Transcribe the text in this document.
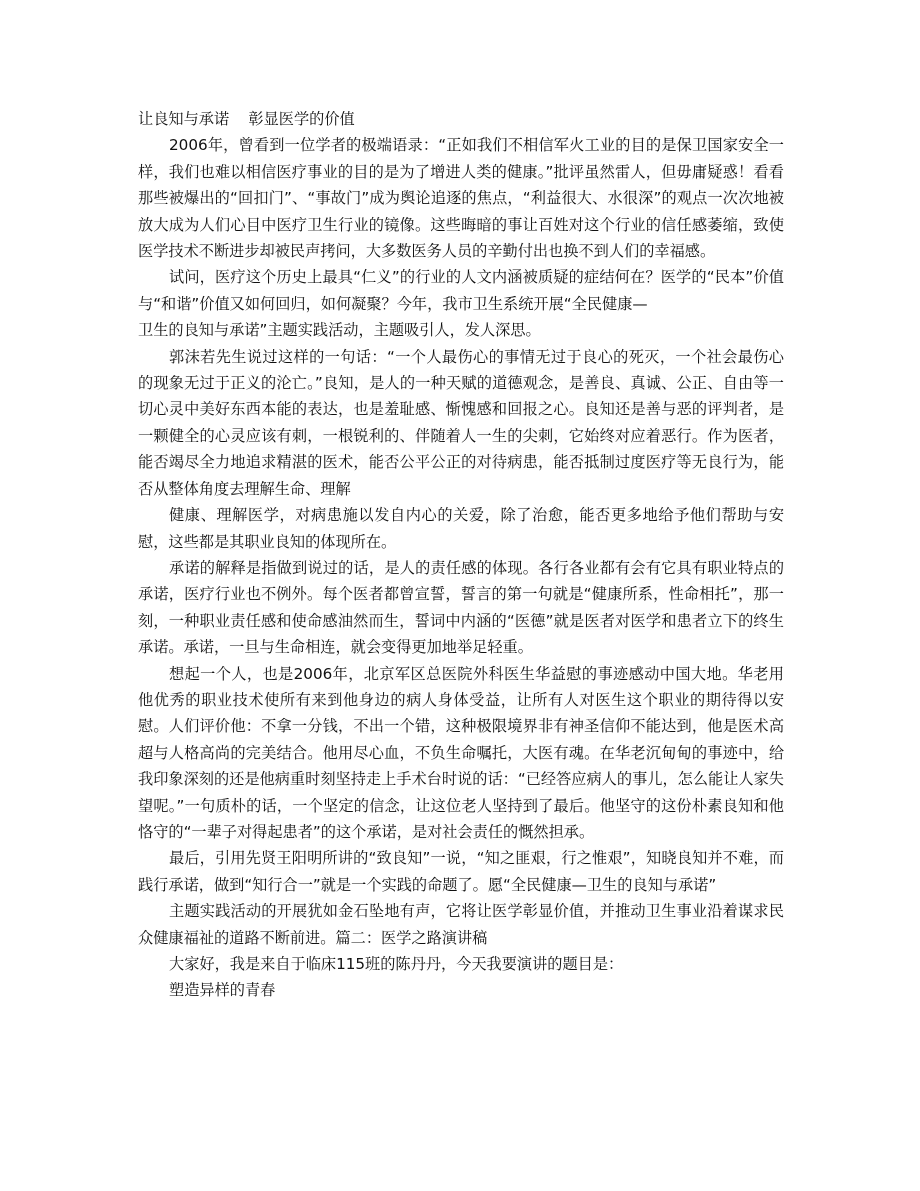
让良知与承诺    彰显医学的价值

2006年，曾看到一位学者的极端语录：“正如我们不相信军火工业的目的是保卫国家安全一样，我们也难以相信医疗事业的目的是为了增进人类的健康。”批评虽然雷人，但毋庸疑惑！看看那些被爆出的“回扣门”、“事故门”成为舆论追逐的焦点，“利益很大、水很深”的观点一次次地被放大成为人们心目中医疗卫生行业的镜像。这些晦暗的事让百姓对这个行业的信任感萎缩，致使医学技术不断进步却被民声拷问，大多数医务人员的辛勤付出也换不到人们的幸福感。

试问，医疗这个历史上最具“仁义”的行业的人文内涵被质疑的症结何在？医学的“民本”价值与“和谐”价值又如何回归，如何凝聚？今年，我市卫生系统开展“全民健康—

卫生的良知与承诺”主题实践活动，主题吸引人，发人深思。

郭沫若先生说过这样的一句话：“一个人最伤心的事情无过于良心的死灭，一个社会最伤心的现象无过于正义的沦亡。”良知，是人的一种天赋的道德观念，是善良、真诚、公正、自由等一切心灵中美好东西本能的表达，也是羞耻感、惭愧感和回报之心。良知还是善与恶的评判者，是一颗健全的心灵应该有刺，一根锐利的、伴随着人一生的尖刺，它始终对应着恶行。作为医者，能否竭尽全力地追求精湛的医术，能否公平公正的对待病患，能否抵制过度医疗等无良行为，能否从整体角度去理解生命、理解

健康、理解医学，对病患施以发自内心的关爱，除了治愈，能否更多地给予他们帮助与安慰，这些都是其职业良知的体现所在。

承诺的解释是指做到说过的话，是人的责任感的体现。各行各业都有会有它具有职业特点的承诺，医疗行业也不例外。每个医者都曾宣誓，誓言的第一句就是“健康所系，性命相托”，那一刻，一种职业责任感和使命感油然而生，誓词中内涵的“医德”就是医者对医学和患者立下的终生承诺。承诺，一旦与生命相连，就会变得更加地举足轻重。

想起一个人，也是2006年，北京军区总医院外科医生华益慰的事迹感动中国大地。华老用他优秀的职业技术使所有来到他身边的病人身体受益，让所有人对医生这个职业的期待得以安慰。人们评价他：不拿一分钱，不出一个错，这种极限境界非有神圣信仰不能达到，他是医术高超与人格高尚的完美结合。他用尽心血，不负生命嘱托，大医有魂。在华老沉甸甸的事迹中，给我印象深刻的还是他病重时刻坚持走上手术台时说的话：“已经答应病人的事儿，怎么能让人家失望呢。”一句质朴的话，一个坚定的信念，让这位老人坚持到了最后。他坚守的这份朴素良知和他恪守的“一辈子对得起患者”的这个承诺，是对社会责任的慨然担承。

最后，引用先贤王阳明所讲的“致良知”一说，“知之匪艰，行之惟艰”，知晓良知并不难，而践行承诺，做到“知行合一”就是一个实践的命题了。愿“全民健康—卫生的良知与承诺”

主题实践活动的开展犹如金石坠地有声，它将让医学彰显价值，并推动卫生事业沿着谋求民众健康福祉的道路不断前进。篇二：医学之路演讲稿

大家好，我是来自于临床115班的陈丹丹，今天我要演讲的题目是：

塑造异样的青春
